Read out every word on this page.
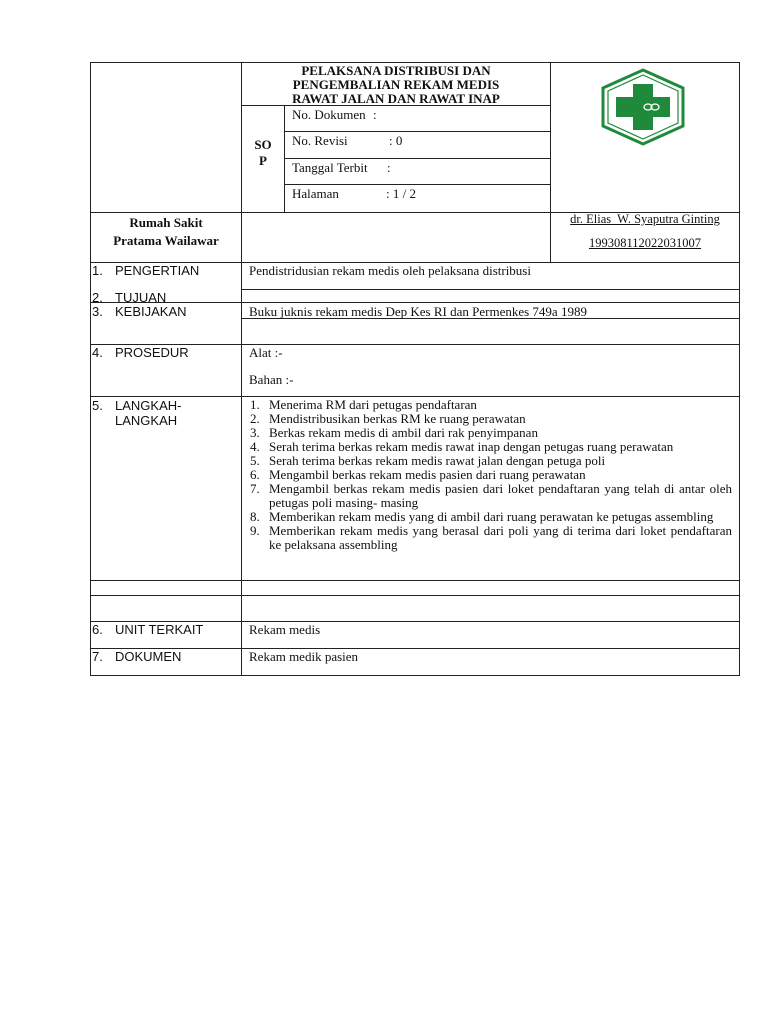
PELAKSANA DISTRIBUSI DAN
PENGEMBALIAN REKAM MEDIS
RAWAT JALAN DAN RAWAT INAP
SO
P
No. Dokumen :
No. Revisi	: 0
Tanggal Terbit :
Halaman	: 1 / 2
Rumah Sakit
Pratama Wailawar
dr. Elias  W. Syaputra Ginting
199308112022031007
1. PENGERTIAN	Pendistridusian rekam medis oleh pelaksana distribusi
2. TUJUAN
3. KEBIJAKAN	Buku juknis rekam medis Dep Kes RI dan Permenkes 749a 1989
4. PROSEDUR	Alat :-
Bahan :-
5. LANGKAH-
LANGKAH
1. Menerima RM dari petugas pendaftaran
2. Mendistribusikan berkas RM ke ruang perawatan
3. Berkas rekam medis di ambil dari rak penyimpanan
4. Serah terima berkas rekam medis rawat inap dengan petugas ruang perawatan
5. Serah terima berkas rekam medis rawat jalan dengan petuga poli
6. Mengambil berkas rekam medis pasien dari ruang perawatan
7. Mengambil berkas rekam medis pasien dari loket pendaftaran yang telah di antar oleh petugas poli masing- masing
8. Memberikan rekam medis yang di ambil dari ruang perawatan ke petugas assembling
9. Memberikan rekam medis yang berasal dari poli yang di terima dari loket pendaftaran ke pelaksana assembling
6. UNIT TERKAIT	Rekam medis
7. DOKUMEN	Rekam medik pasien
